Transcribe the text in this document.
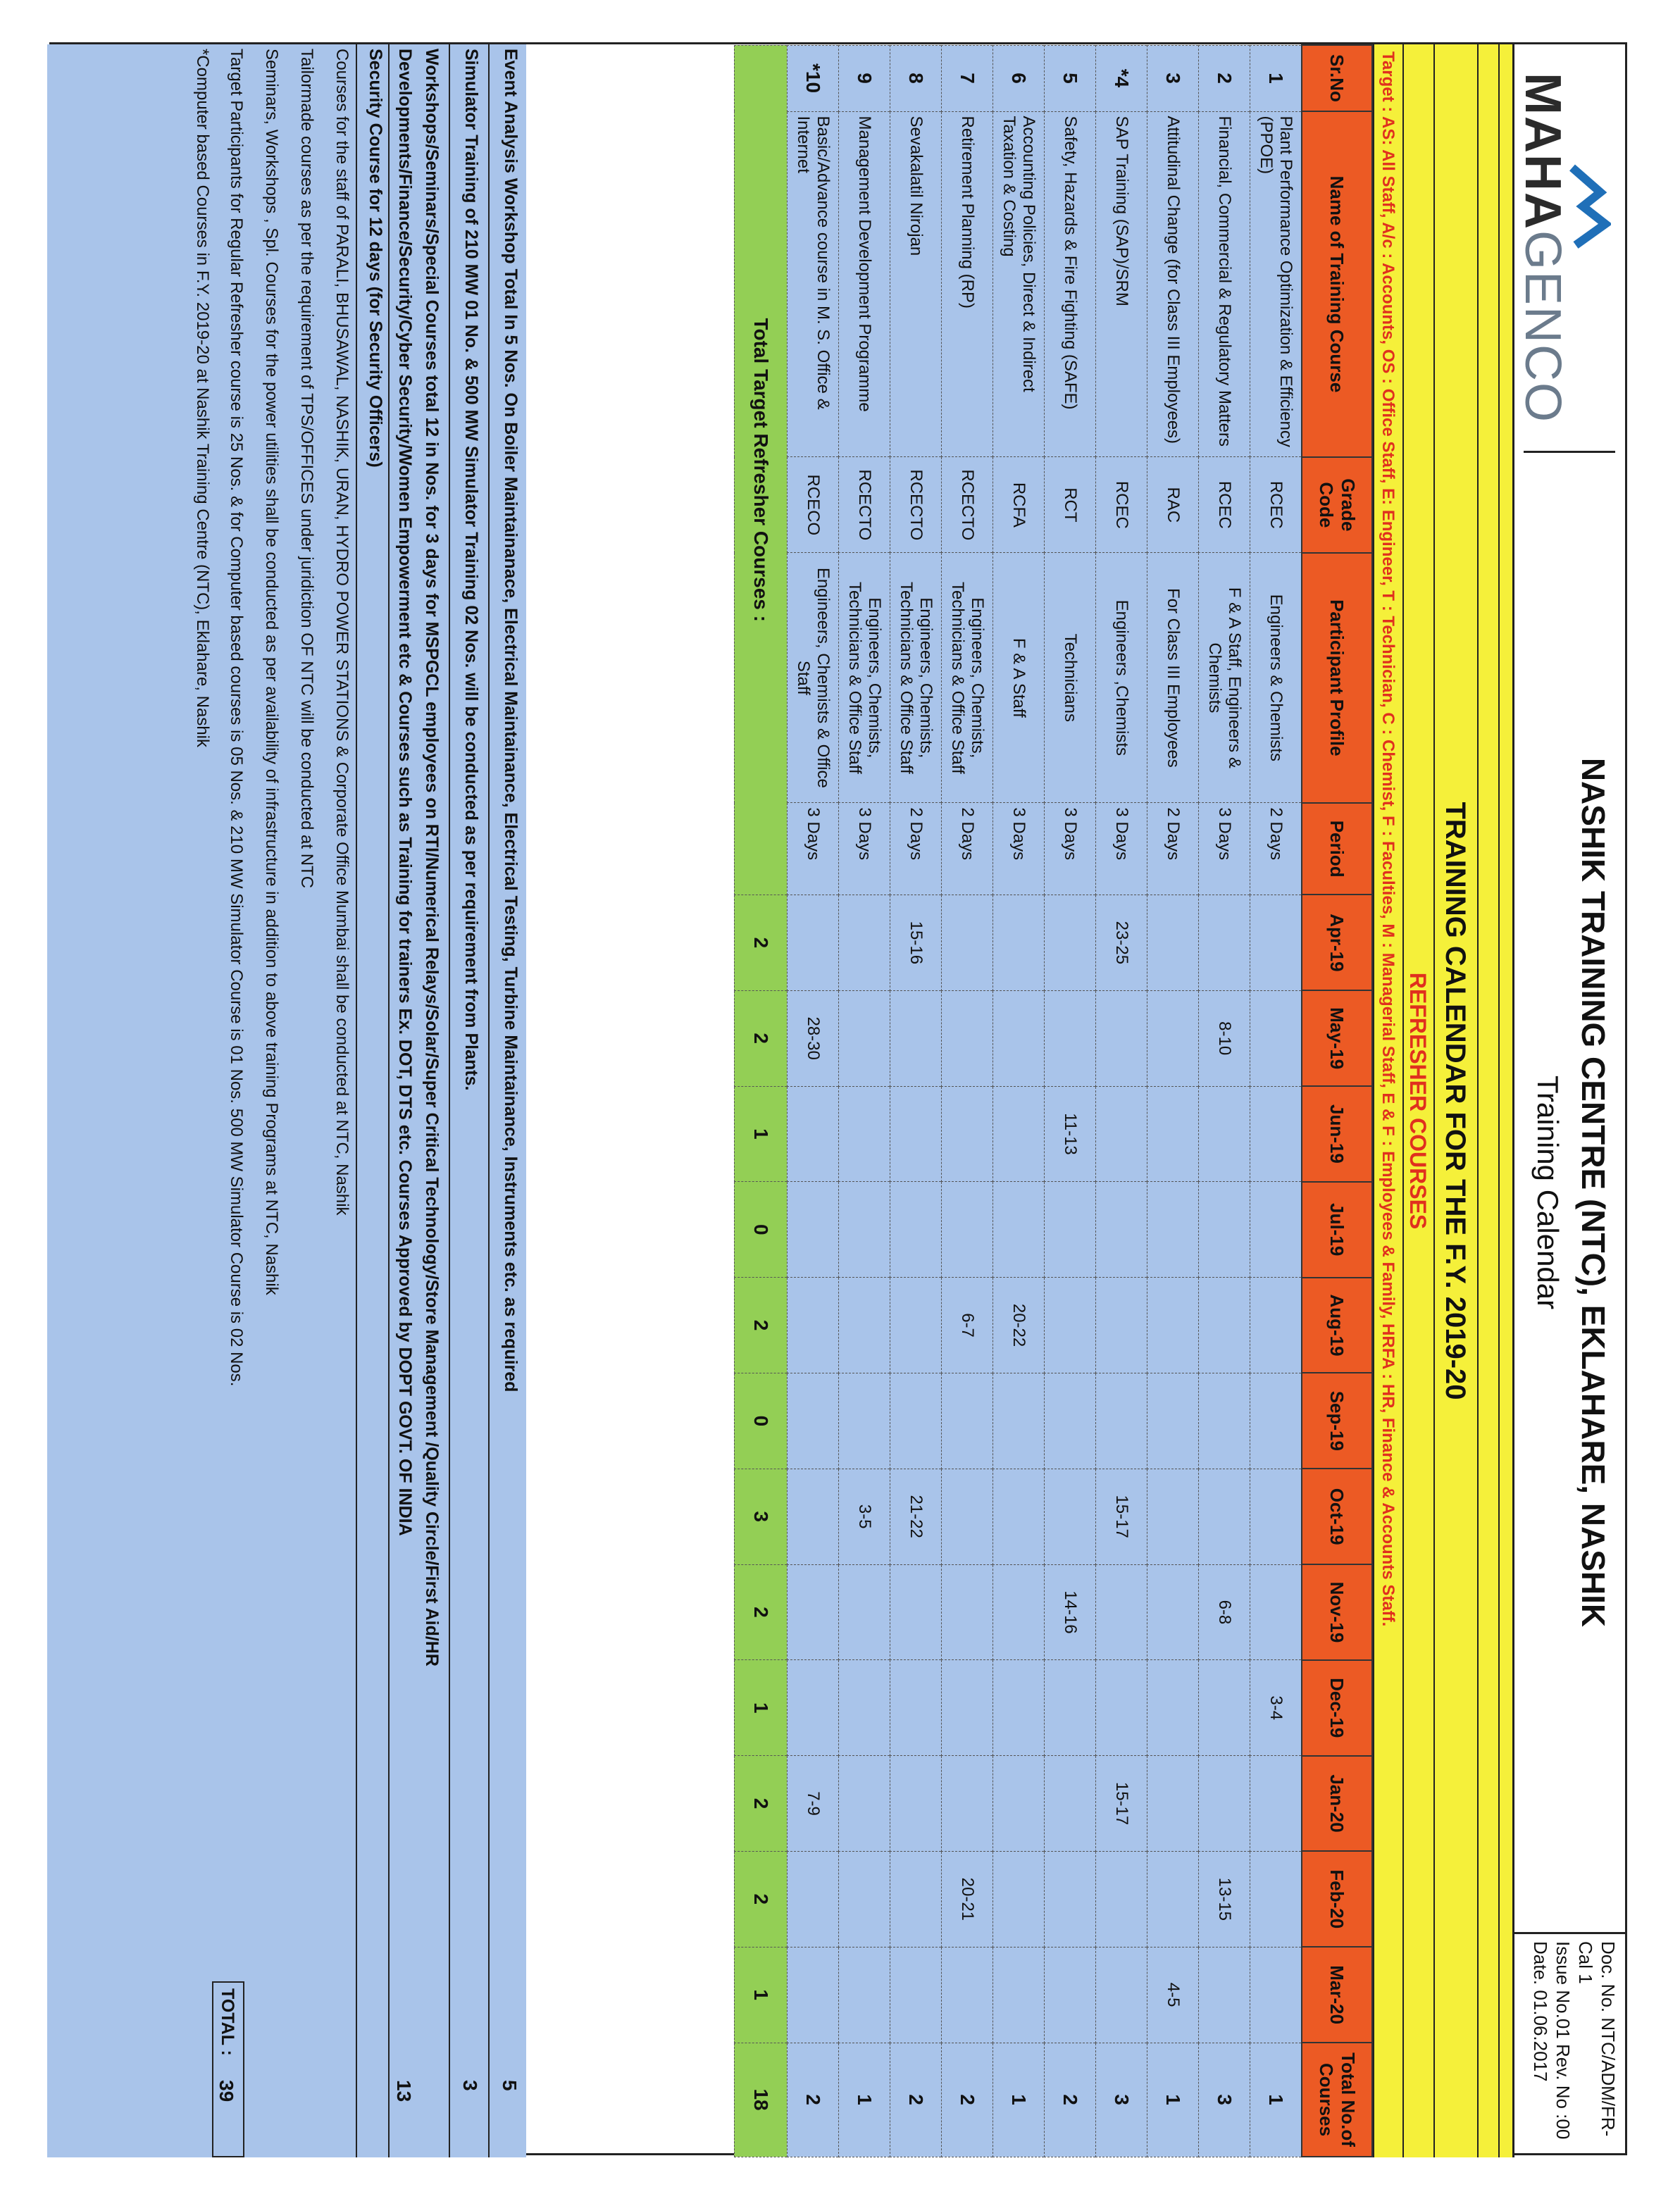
MAHAGENCO
NASHIK TRAINING CENTRE (NTC), EKLAHARE, NASHIK
Training Calendar
Doc. No. NTC/ADM/FR-Cal 1
Issue No.01 Rev. No :00
Date. 01.06.2017
TRAINING CALENDAR FOR THE F.Y. 2019-20
REFRESHER COURSES
Target : AS: All Staff, A/c : Accounts, OS : Office Staff, E: Engineer, T : Technician, C : Chemist, F : Faculties, M : Managerial Staff, E & F : Employees & Family, HRFA : HR, Finance & Accounts Staff.
Sr.No	Name of Training Course	Grade Code	Participant Profile	Period	Apr-19	May-19	Jun-19	Jul-19	Aug-19	Sep-19	Oct-19	Nov-19	Dec-19	Jan-20	Feb-20	Mar-20	Total No.of Courses
1	Plant Performance Optimization & Efficiency (PPOE)	RCEC	Engineers & Chemists	2 Days									3-4				1
2	Financial, Commercial & Regulatory Matters	RCEC	F & A Staff, Engineers & Chemists	3 Days		8-10						6-8			13-15		3
3	Attitudinal Change (for Class III Employees)	RAC	For Class III Employees	2 Days												4-5	1
*4	SAP Training (SAP)/SRM	RCEC	Engineers ,Chemists	3 Days	23-25						15-17			15-17			3
5	Safety, Hazards & Fire Fighting (SAFE)	RCT	Technicians	3 Days			11-13					14-16					2
6	Accounting Policies, Direct & Indirect Taxation & Costing	RCFA	F & A Staff	3 Days					20-22								1
7	Retirement Planning (RP)	RCECTO	Engineers, Chemists, Technicians & Office Staff	2 Days					6-7						20-21		2
8	Sevakalatil Nirojan	RCECTO	Engineers, Chemists, Technicians & Office Staff	2 Days	15-16						21-22						2
9	Management Development Programme	RCECTO	Engineers, Chemists, Technicians & Office Staff	3 Days							3-5						1
*10	Basic/Advance course in M. S. Office & Internet	RCECO	Engineers, Chemists & Office Staff	3 Days		28-30								7-9			2
Total Target Refresher Courses :					2	2	1	0	2	0	3	2	1	2	2	1	18
Event Analysis Workshop Total In 5 Nos. On Boiler Maintainanace, Electrical Maintainance, Electrical Testing, Turbine Maintainance, Instruments etc. as required
5
Simulator Training of 210 MW 01 No. & 500 MW Simulator Training 02 Nos. will be conducted as per requirement from Plants.
3
Workshops/Seminars/Special Courses total 12 in Nos. for 3 days for MSPGCL employees on RTI/Numerical Relays/Solar/Super Critical Technology/Store Management /Quality Circle/First Aid/HR
Developments/Finance/Security/Cyber Security/Women Empowerment etc & Courses such as Training for trainers Ex. DOT, DTS etc. Courses Approved by DOPT GOVT. OF INDIA
13
Security Course for 12 days (for Security Officers)
Courses for the staff of PARALI, BHUSAWAL, NASHIK, URAN, HYDRO POWER STATIONS & Corporate Office Mumbai shall be conducted at NTC, Nashik
Tailormade courses as per the requirement of TPS/OFFICES under juridiction OF NTC will be conducted at NTC
Seminars, Workshops , Spl. Courses for the power utilities shall be conducted as per availability of infrastructure in addition to above training Programs at NTC, Nashik
Target Participants for Regular Refresher course is 25 Nos. & for Computer based courses is 05 Nos. & 210 MW Simulator Course is 01 Nos. 500 MW Simulator Course is 02 Nos.
*Computer based Courses in F.Y. 2019-20 at Nashik Training Centre (NTC), Eklahare, Nashik
TOTAL :
39
